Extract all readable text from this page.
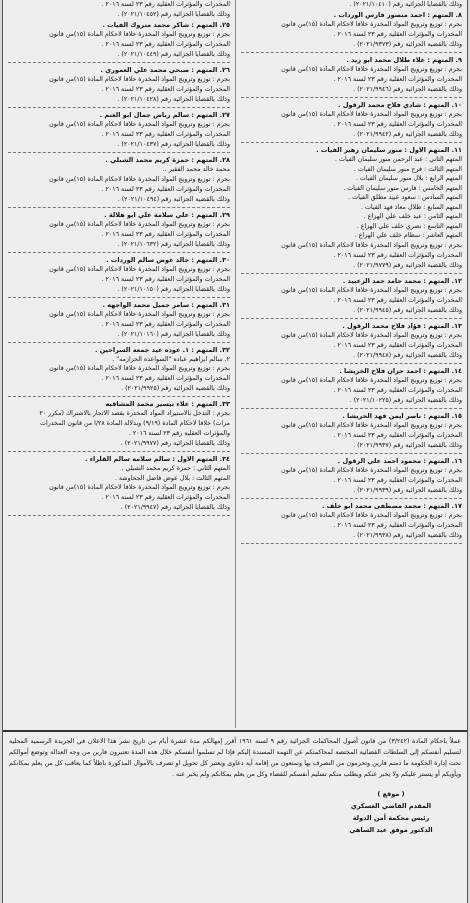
وذلك بالقضايا الجزائية رقم (٢٠٢١/١٠٤١٠) .

٨. المتهم : احمد منصور فارس الوردات .

بجرم : توزيع وترويج المواد المخدرة خلافا لاحكام المادة (١٥)من قانون

المخدرات والمؤثرات العقلية رقم ٢٣ لسنة ٢٠١٦ .

وذلك بالقضية الجزائية رقم (٢٠٢١/٩٣٧٣) .

٩. المتهم : علاء طلال محمد ابو زيد .

بجرم : توزيع وترويج المواد المخدرة خلافا لاحكام المادة (١٥)من قانون

المخدرات والمؤثرات العقلية رقم ٢٣ لسنة ٢٠١٦ .

وذلك بالقضية الجزائية رقم (٢٠٢١/٩٩٤٦) .

١٠. المتهم : شادي فلاح محمد الرقول .

بجرم : توزيع وترويج المواد المخدرة خلافا لاحكام المادة (١٥)من قانون

المخدرات والمؤثرات العقلية رقم ٢٣ لسنة ٢٠١٦ .

وذلك بالقضية الجزائية رقم (٢٠٢١/٩٩٤٢) .

١١. المتهم الاول : منور سليمان زهير الفيات .

المتهم الثاني : عبد الرحمن منور سليمان الفيات .

المتهم الثالث : فرح منور سليمان الفيات .

المتهم الرابع : بلال منور سليمان الفيات .

المتهم الخامس : فارس منور سليمان الفيات .

المتهم السادس : سعود عبيد مطلق الفيات .

المتهم السابع : طلال معاذ فهد الفيات .

المتهم الثامن : عيد خلف علي الهزاع .

المتهم التاسع : نصري خلف علي الهزاع .

المتهم العاشر : سطام خلف علي الهزاع .

بجرم : توزيع وترويج المواد المخدرة خلافا لاحكام المادة (١٥)من قانون

المخدرات والمؤثرات العقلية رقم ٢٣ لسنة ٢٠١٦ .

وذلك بالقضية الجزائية رقم (٢٠٢١/٩٧٧٩) .

١٢. المتهم : محمد حامد حمد الزعبيد .

بجرم : توزيع وترويج المواد المخدرة خلافا لاحكام المادة (١٥)من قانون

المخدرات والمؤثرات العقلية رقم ٢٣ لسنة ٢٠١٦ .

وذلك بالقضية الجزائية رقم (٢٠٢١/٩٩٤٥) .

١٣. المتهم : فؤاد فلاح محمد الرقول .

بجرم : توزيع وترويج المواد المخدرة خلافا لاحكام المادة (١٥)من قانون

المخدرات والمؤثرات العقلية رقم ٢٣ لسنة ٢٠١٦ .

وذلك بالقضية الجزائية رقم (٢٠٢١/٩٩٤٨) .

١٤. المتهم : احمد حزان فلاح الخريشا .

بجرم : توزيع وترويج المواد المخدرة خلافا لاحكام المادة (١٥)من قانون

المخدرات والمؤثرات العقلية رقم ٢٣ لسنة ٢٠١٦ .

وذلك بالقضية الجزائية رقم (٢٠٢١/١٠٢٢٥) .

١٥. المتهم : ناصر ايمن فهد الخريشا .

بجرم : توزيع وترويج المواد المخدرة خلافا لاحكام المادة (١٥)من قانون

المخدرات والمؤثرات العقلية رقم ٢٣ لسنة ٢٠١٦ .

وذلك بالقضية الجزائية رقم (٢٠٢١/٩٩٣٧) .

١٦. المتهم : محمود احمد علي الرقول .

بجرم : توزيع وترويج المواد المخدرة خلافا لاحكام المادة (١٥)من قانون

المخدرات والمؤثرات العقلية رقم ٢٣ لسنة ٢٠١٦ .

وذلك بالقضية الجزائية رقم (٢٠٢١/٩٩٣٩) .

١٧. المتهم : محمد مصطفى محمد ابو خلف .

بجرم : توزيع وترويج المواد المخدرة خلافا لاحكام المادة (١٥)من قانون

المخدرات والمؤثرات العقلية رقم ٢٣ لسنة ٢٠١٦ .

وذلك بالقضية الجزائية رقم (٢٠٢١/٩٩٣٨) .

المخدرات والمؤثرات العقلية رقم ٢٣ لسنة ٢٠١٦ .

وذلك بالقضايا الجزائية رقم (٢٠٢١/١٠٤٥٢) .

٢٥. المتهم : شاكر محمد متروك الفيات .

بجرم : توزيع وترويج المواد المخدرة خلافا لاحكام المادة (١٥)من قانون

المخدرات والمؤثرات العقلية رقم ٢٣ لسنة ٢٠١٦ .

وذلك بالقضايا الجزائية رقم (٢٠٢١/١٠٤٤٩) .

٢٦. المتهم : صبحي محمد علي العموري .

بجرم : توزيع وترويج المواد المخدرة خلافا لاحكام المادة (١٥)من قانون

المخدرات والمؤثرات العقلية رقم ٢٣ لسنة ٢٠١٦ .

وذلك بالقضايا الجزائية رقم (٢٠٢١/١٠٤٢٨) .

٢٧. المتهم : سالم رياض جمال ابو الغنم .

بجرم : توزيع وترويج المواد المخدرة خلافا لاحكام المادة (١٥)من قانون

المخدرات والمؤثرات العقلية رقم ٢٣ لسنة ٢٠١٦ .

وذلك بالقضايا الجزائية رقم (٢٠٢١/١٠٤٣٧) .

٢٨. المتهم : حمزة كريم محمد الشبلي .

محمد خالد محمد الفقير ..

بجرم : توزيع وترويج المواد المخدرة خلافا لاحكام المادة (١٥)من قانون

المخدرات والمؤثرات العقلية رقم ٢٣ لسنة ٢٠١٦ .

وذلك بالقضية الجزائية رقم (٢٠٢١/١٠٤٩٤) .

٢٩. المتهم : علي سلامة علي ابو هلالة .

بجرم : توزيع وترويج المواد المخدرة خلافا لاحكام المادة (١٥)من قانون

المخدرات والمؤثرات العقلية رقم ٢٣ لسنة ٢٠١٦ .

وذلك بالقضايا الجزائية رقم (٢٠٢١/١٠٦٣٢) .

٣٠. المتهم : خالد عوض سالم الوردات .

بجرم : توزيع وترويج المواد المخدرة خلافا لاحكام المادة (١٥)من قانون

المخدرات والمؤثرات العقلية رقم ٢٣ لسنة ٢٠١٦ .

وذلك بالقضايا الجزائية رقم (٢٠٢١/١٠١٥٠) .

٣١. المتهم : سامر جميل محمد الواجهه .

بجرم : توزيع وترويج المواد المخدرة خلافا لاحكام المادة (١٥)من قانون

المخدرات والمؤثرات العقلية رقم ٢٣ لسنة ٢٠١٦ .

وذلك بالقضايا الجزائية رقم (٢٠٢١/١٠١٦٠) .

٣٢. المتهم : ١. عوده عيد جمعه السراحين .

٢. سالم ابراهيم عباده "السواعده الحزازمه" .

بجرم : توزيع وترويج المواد المخدرة خلافا لاحكام المادة (١٥)من قانون

المخدرات والمؤثرات العقلية رقم ٢٣ لسنة ٢٠١٦ .

وذلك بالقضية الجزائية رقم (٢٠٢١/٩٩٢٥) .

٣٣. المتهم : علاء تيسير محمد المشاقبه

بجرم : التدخل بالاستيراد المواد المخدرة بقصد الاتجار بالاشتراك (مكرر ٢٠

مرات) خلافا لاحكام المادة (٩/١٩) وبدلالة المادة ٢٨/ا من قانون المخدرات

والمؤثرات العقلية رقم ٢٣ لسنة ٢٠١٦ .

وذلك بالقضايا الجزائية رقم (٢٠٢١/٩٩٧٧) .

٣٤. المتهم الاول : سالم سلامه سالم القلراء .

المتهم الثاني : حمزة كريم محمد الشبلي .

المتهم الثالث : بلال عوض فاضل الجحاوشة .

بجرم : توزيع وترويج المواد المخدرة خلافا لاحكام المادة (١٥)من قانون

المخدرات والمؤثرات العقلية رقم ٢٣ لسنة ٢٠١٦ .

وذلك بالقضايا الجزائية رقم (٢٠٢١/٩٩٤٧) .

عملاً باحكام المادة (٣/٢٤٢) من قانون أصول المحاكمات الجزائية رقم ٩ لسنة ١٩٦١ أقرر إمهالكم مدة عشرة أيام من تاريخ نشر هذا الاعلان في الجريدة الرسمية المحلية لتسليم أنفسكم إلى السلطات القضائية المختصة لمحاكمتكم عن التهمة المسندة إليكم فإذا لم تسلموا أنفسكم خلال هذه المدة تعتبرون فارين من وجه العدالة وتوضع أموالكم تحت إدارة الحكومة ما دمتم فارين وتحرمون من التصرف بها وتمنعون من إقامة أية دعاوى ويعتبر كل تحويل او تصرف بالأموال المذكورة باطلاً كما يعاقب كل من يعلم بمكانكم ويأويكم أو يتستر عليكم ولا يخبر عنكم ويطلب منكم تسليم أنفسكم للقضاء وكل من يعلم بمكانكم ولم يخبر عنه .

( موقع )
المقدم القاضي العسكري
رئيس محكمة أمن الدولة
الدكتور موفق عبد الساهي
